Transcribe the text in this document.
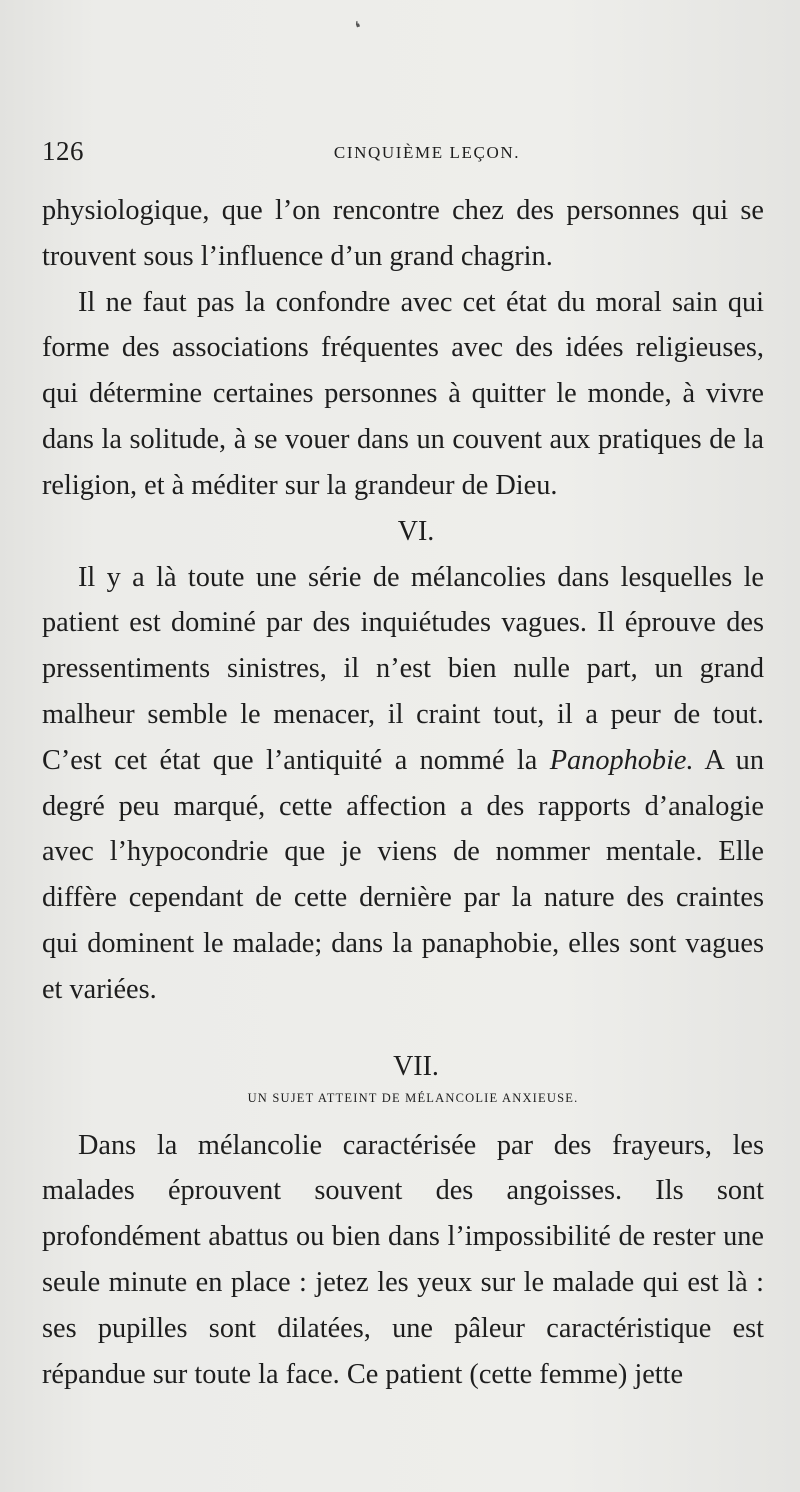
❛
126	CINQUIÈME LEÇON.

physiologique, que l’on rencontre chez des personnes qui se trouvent sous l’influence d’un grand chagrin.

Il ne faut pas la confondre avec cet état du moral sain qui forme des associations fréquentes avec des idées religieuses, qui détermine certaines personnes à quitter le monde, à vivre dans la solitude, à se vouer dans un couvent aux pratiques de la religion, et à méditer sur la grandeur de Dieu.

VI.

Il y a là toute une série de mélancolies dans lesquelles le patient est dominé par des inquiétudes vagues. Il éprouve des pressentiments sinistres, il n’est bien nulle part, un grand malheur semble le menacer, il craint tout, il a peur de tout. C’est cet état que l’antiquité a nommé la Panophobie. A un degré peu marqué, cette affection a des rapports d’analogie avec l’hypocondrie que je viens de nommer mentale. Elle diffère cependant de cette dernière par la nature des craintes qui dominent le malade; dans la panaphobie, elles sont vagues et variées.

VII.
UN SUJET ATTEINT DE MÉLANCOLIE ANXIEUSE.

Dans la mélancolie caractérisée par des frayeurs, les malades éprouvent souvent des angoisses. Ils sont profondément abattus ou bien dans l’impossibilité de rester une seule minute en place : jetez les yeux sur le malade qui est là : ses pupilles sont dilatées, une pâleur caractéristique est répandue sur toute la face. Ce patient (cette femme) jette
